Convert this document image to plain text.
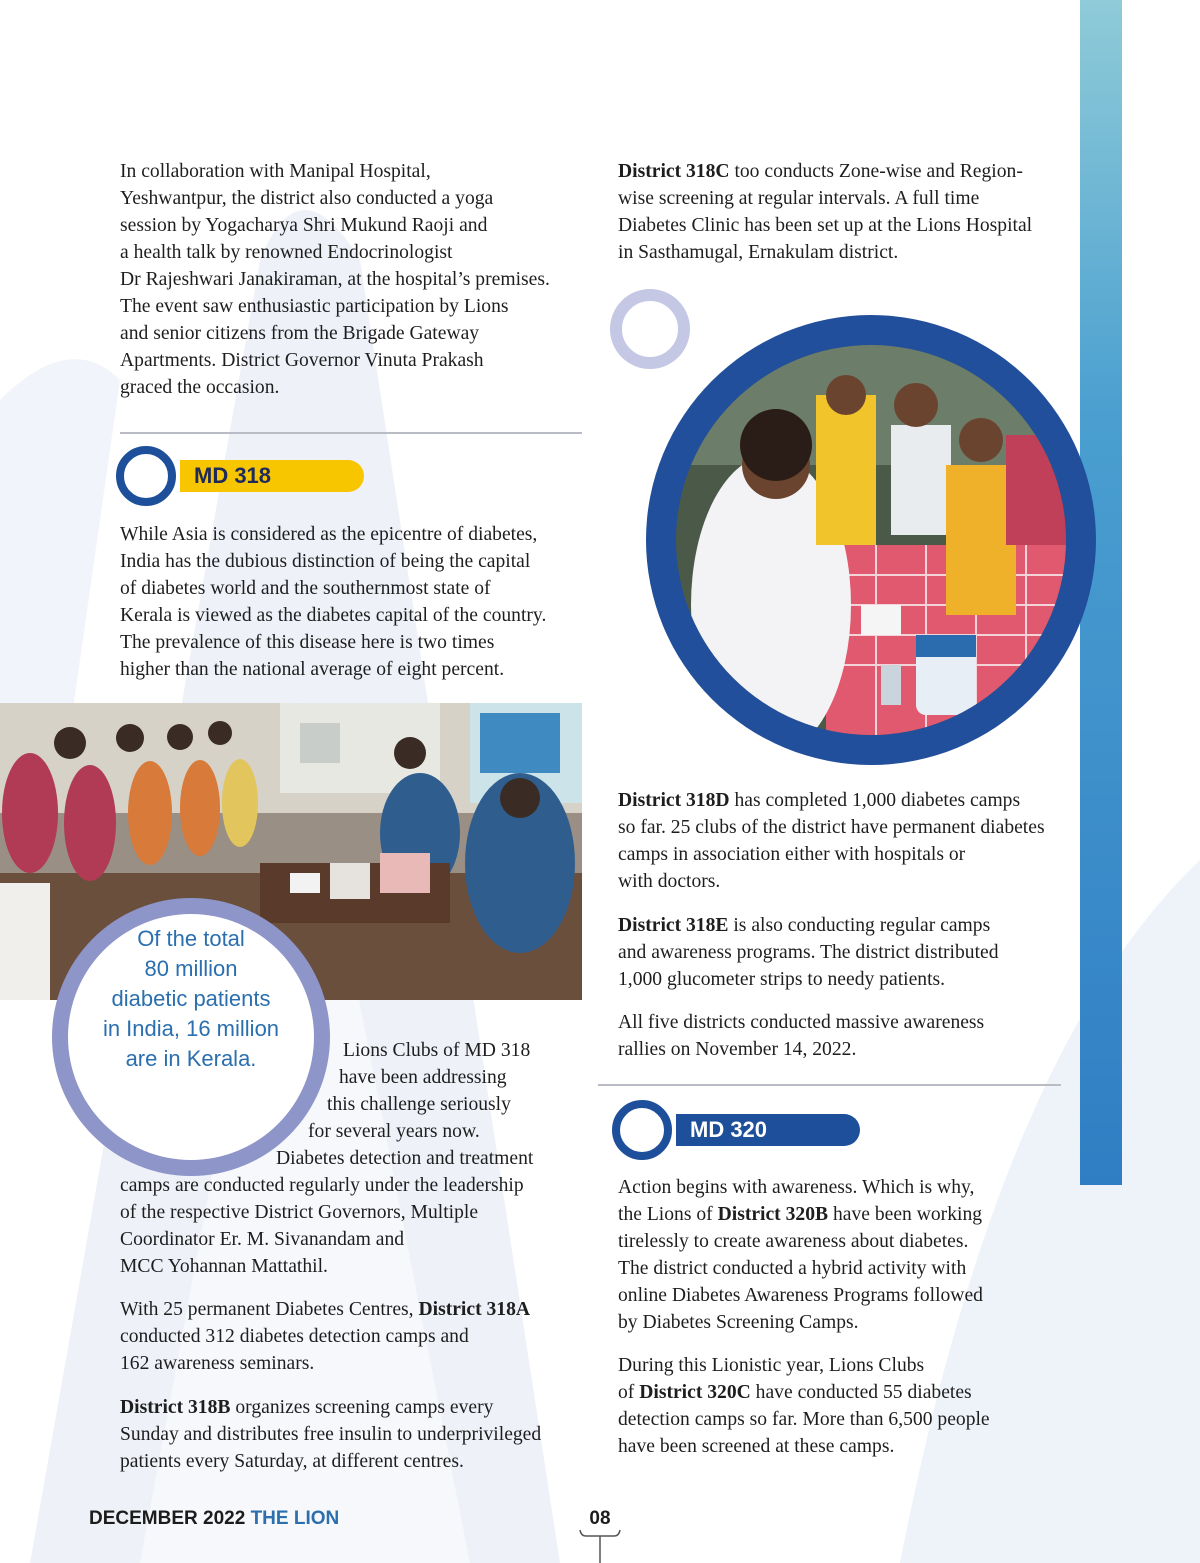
In collaboration with Manipal Hospital,
Yeshwantpur, the district also conducted a yoga
session by Yogacharya Shri Mukund Raoji and
a health talk by renowned Endocrinologist
Dr Rajeshwari Janakiraman, at the hospital’s premises.
The event saw enthusiastic participation by Lions
and senior citizens from the Brigade Gateway
Apartments. District Governor Vinuta Prakash
graced the occasion.

MD 318

While Asia is considered as the epicentre of diabetes,
India has the dubious distinction of being the capital
of diabetes world and the southernmost state of
Kerala is viewed as the diabetes capital of the country.
The prevalence of this disease here is two times
higher than the national average of eight percent.

Of the total
80 million
diabetic patients
in India, 16 million
are in Kerala.	Lions Clubs of MD 318
have been addressing
this challenge seriously
for several years now.
Diabetes detection and treatment
camps are conducted regularly under the leadership
of the respective District Governors, Multiple
Coordinator Er. M. Sivanandam and
MCC Yohannan Mattathil.

With 25 permanent Diabetes Centres, District 318A
conducted 312 diabetes detection camps and
162 awareness seminars.

District 318B organizes screening camps every
Sunday and distributes free insulin to underprivileged
patients every Saturday, at different centres.

District 318C too conducts Zone-wise and Region-
wise screening at regular intervals. A full time
Diabetes Clinic has been set up at the Lions Hospital
in Sasthamugal, Ernakulam district.

District 318D has completed 1,000 diabetes camps
so far. 25 clubs of the district have permanent diabetes
camps in association either with hospitals or
with doctors.

District 318E is also conducting regular camps
and awareness programs. The district distributed
1,000 glucometer strips to needy patients.

All five districts conducted massive awareness
rallies on November 14, 2022.

MD 320

Action begins with awareness. Which is why,
the Lions of District 320B have been working
tirelessly to create awareness about diabetes.
The district conducted a hybrid activity with
online Diabetes Awareness Programs followed
by Diabetes Screening Camps.

During this Lionistic year, Lions Clubs
of District 320C have conducted 55 diabetes
detection camps so far. More than 6,500 people
have been screened at these camps.

DECEMBER 2022 THE LION	08
